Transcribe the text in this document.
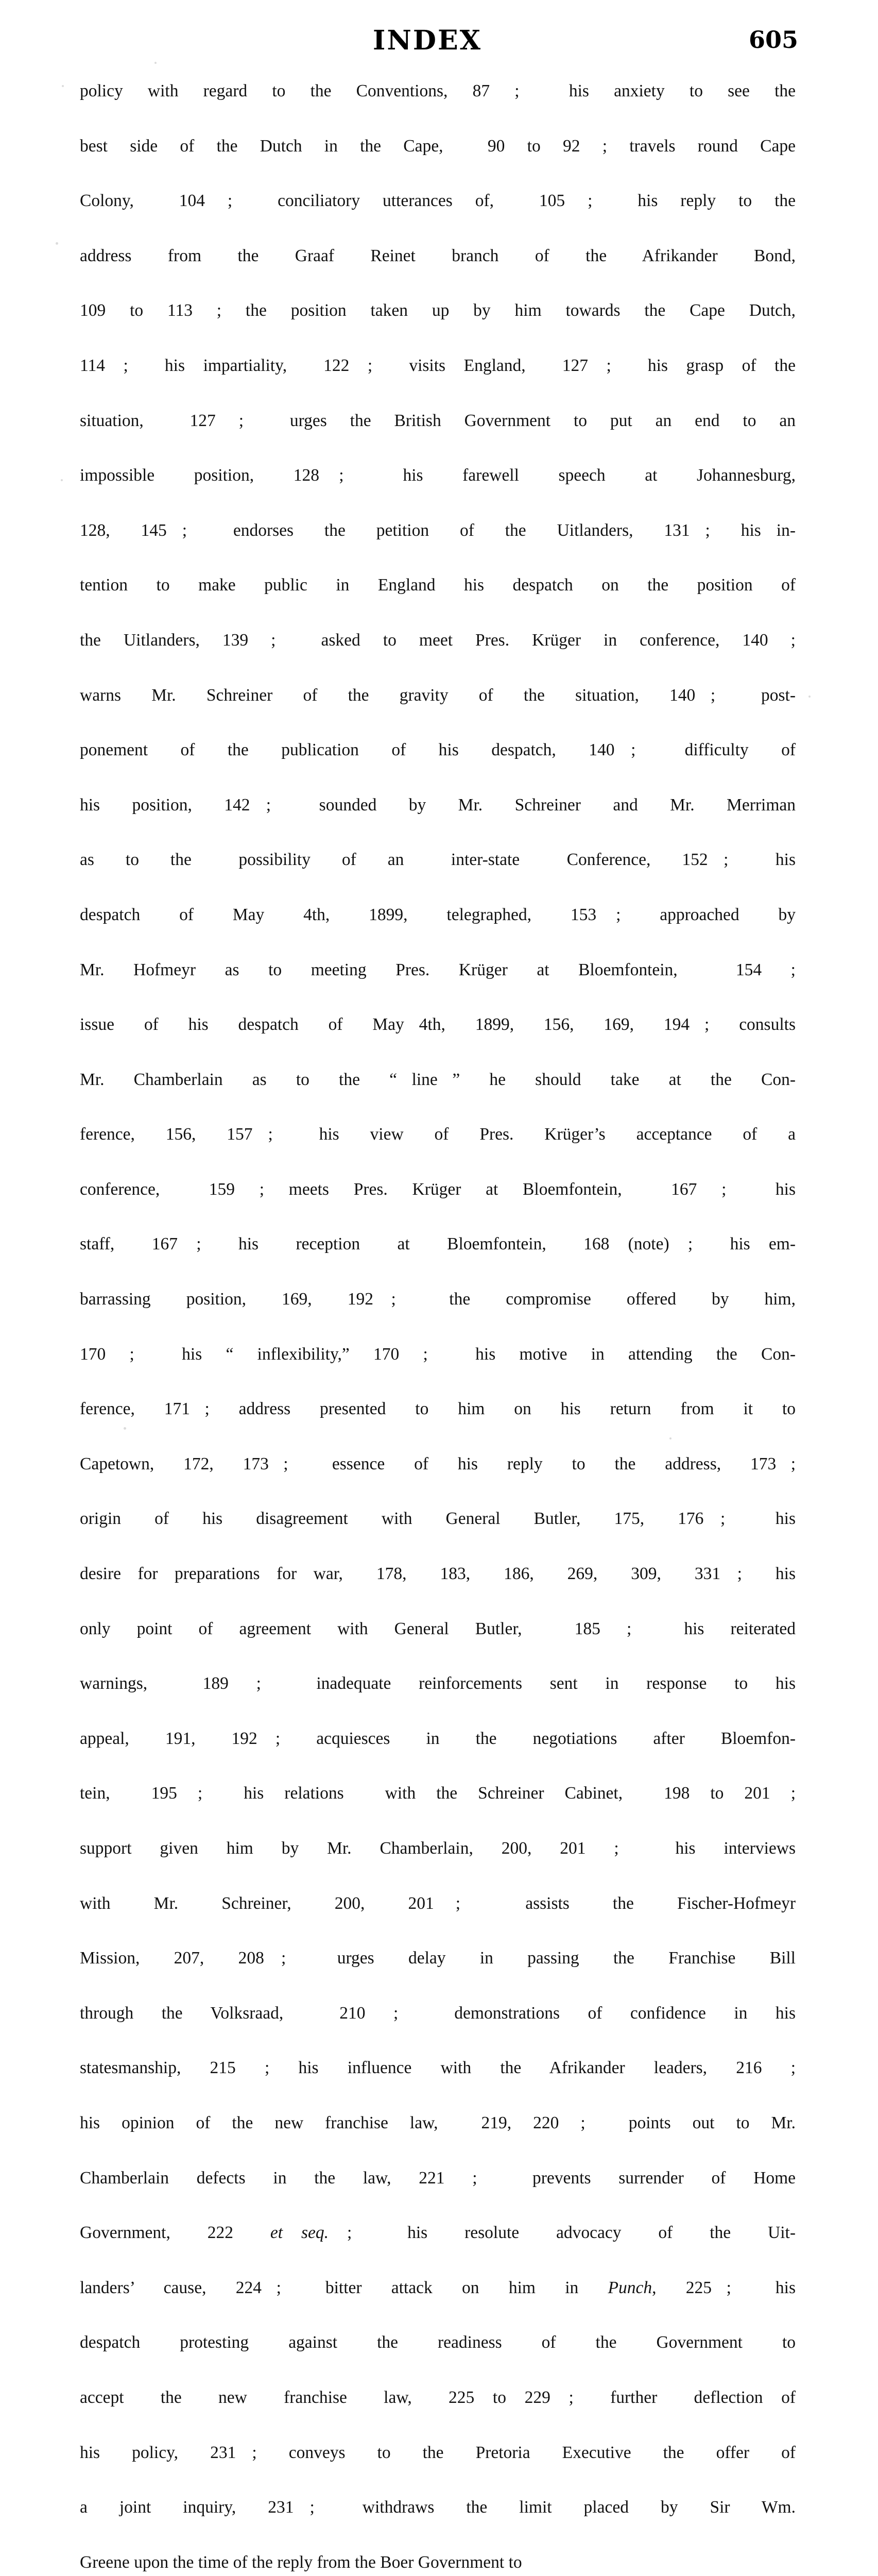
INDEX	605
policy with regard to the Conventions, 87 ;  his anxiety to see the
best side of the Dutch in the Cape,  90 to 92 ; travels round Cape
Colony,  104 ;  conciliatory utterances of,  105 ;  his reply to the
address from the Graaf Reinet branch of the Afrikander Bond,
109 to 113 ; the position taken up by him towards the Cape Dutch,
114 ;  his impartiality,  122 ;  visits England,  127 ;  his grasp of the
situation,  127 ;  urges the British Government to put an end to an
impossible  position,  128 ;   his  farewell  speech  at  Johannesburg,
128,  145 ;   endorses  the  petition  of  the  Uitlanders,  131 ;  his in-
tention to make public in England his despatch on the position of
the Uitlanders, 139 ;  asked to meet Pres. Krüger in conference, 140 ;
warns  Mr.  Schreiner  of  the  gravity  of  the  situation,  140 ;   post-
ponement  of  the  publication  of  his  despatch,  140 ;   difficulty  of
his  position,  142 ;   sounded  by  Mr.  Schreiner  and  Mr.  Merriman
as  to  the   possibility  of  an   inter-state   Conference,  152 ;   his
despatch  of  May  4th,  1899,  telegraphed,  153 ;  approached  by
Mr. Hofmeyr as to meeting Pres. Krüger at Bloemfontein,  154 ;
issue  of  his  despatch  of  May 4th,  1899,  156,  169,  194 ;  consults
Mr.  Chamberlain  as  to  the  “ line ”  he  should  take  at  the  Con-
ference,  156,  157 ;   his  view  of  Pres.  Krüger’s  acceptance  of  a
conference,  159 ; meets Pres. Krüger at Bloemfontein,  167 ;  his
staff,  167 ;  his  reception  at  Bloemfontein,  168 (note) ;  his em-
barrassing  position,  169,  192 ;   the  compromise  offered  by  him,
170 ;  his “ inflexibility,” 170 ;  his motive in attending the Con-
ference,  171 ;  address  presented  to  him  on  his  return  from  it  to
Capetown,  172,  173 ;   essence  of  his  reply  to  the  address,  173 ;
origin  of  his  disagreement  with  General  Butler,  175,  176 ;   his
desire for preparations for war,  178,  183,  186,  269,  309,  331 ;  his
only point of agreement with General Butler,  185 ;  his reiterated
warnings,  189 ;  inadequate reinforcements sent in response to his
appeal,  191,  192 ;  acquiesces  in  the  negotiations  after  Bloemfon-
tein,  195 ;  his relations  with the Schreiner Cabinet,  198 to 201 ;
support given him by Mr. Chamberlain, 200, 201 ;  his interviews
with  Mr.  Schreiner,  200,  201 ;   assists  the  Fischer-Hofmeyr
Mission,  207,  208 ;   urges  delay  in  passing  the  Franchise  Bill
through the Volksraad,  210 ;  demonstrations of confidence in his
statesmanship, 215 ; his influence with the Afrikander leaders, 216 ;
his opinion of the new franchise law,  219, 220 ;  points out to Mr.
Chamberlain defects in the law, 221 ;  prevents surrender of Home
Government,  222  et seq. ;   his  resolute  advocacy  of  the  Uit-
landers’  cause,  224 ;   bitter  attack  on  him  in  Punch,  225 ;   his
despatch  protesting  against  the  readiness  of  the  Government  to
accept  the  new  franchise  law,  225 to 229 ;  further  deflection of
his  policy,  231 ;  conveys  to  the  Pretoria  Executive  the  offer  of
a  joint  inquiry,  231 ;   withdraws  the  limit  placed  by  Sir  Wm.
Greene upon the time of the reply from the Boer Government to
